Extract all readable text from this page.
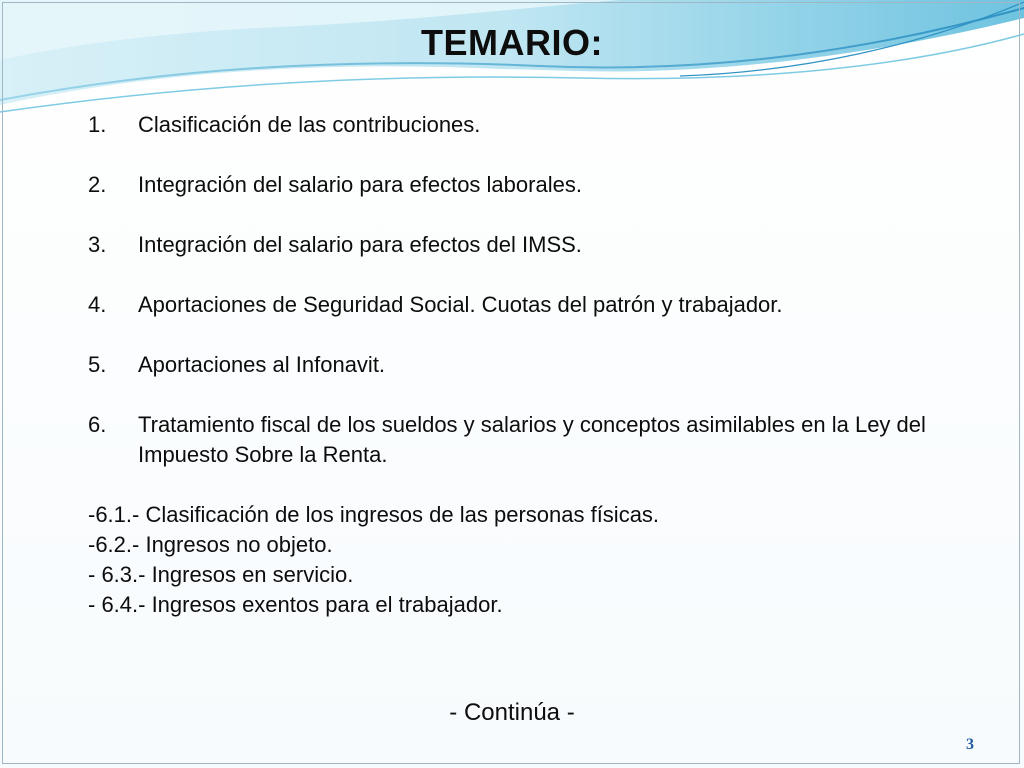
TEMARIO:
1.	Clasificación de las contribuciones.
2.	Integración del salario para efectos laborales.
3.	Integración del salario para efectos del IMSS.
4.	Aportaciones de Seguridad Social. Cuotas del patrón y trabajador.
5.	Aportaciones al Infonavit.
6.	Tratamiento fiscal de los sueldos y salarios y conceptos asimilables en la Ley del Impuesto Sobre la Renta.
-6.1.- Clasificación de los ingresos de las personas físicas.
-6.2.- Ingresos no objeto.
- 6.3.- Ingresos en servicio.
- 6.4.- Ingresos exentos para el trabajador.
- Continúa -
3
